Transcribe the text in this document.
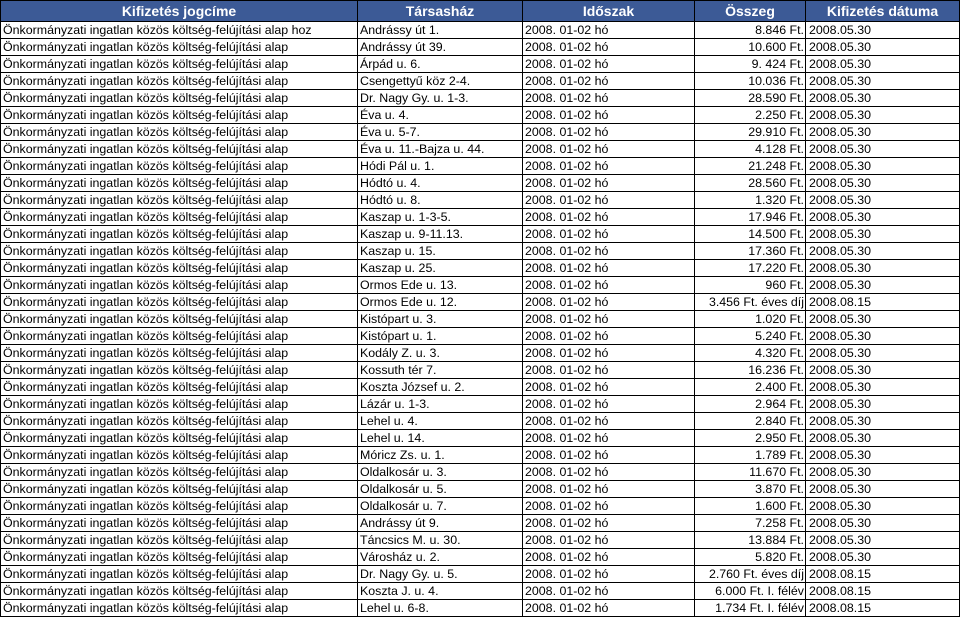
Kifizetés jogcíme	Társasház	Időszak	Összeg	Kifizetés dátuma
Önkormányzati ingatlan közös költség-felújítási alap hoz	Andrássy út 1.	2008. 01-02 hó	8.846 Ft.	2008.05.30
Önkormányzati ingatlan közös költség-felújítási alap	Andrássy út 39.	2008. 01-02 hó	10.600 Ft.	2008.05.30
Önkormányzati ingatlan közös költség-felújítási alap	Árpád u. 6.	2008. 01-02 hó	9. 424 Ft.	2008.05.30
Önkormányzati ingatlan közös költség-felújítási alap	Csengettyű köz 2-4.	2008. 01-02 hó	10.036 Ft.	2008.05.30
Önkormányzati ingatlan közös költség-felújítási alap	Dr. Nagy Gy. u. 1-3.	2008. 01-02 hó	28.590 Ft.	2008.05.30
Önkormányzati ingatlan közös költség-felújítási alap	Éva u. 4.	2008. 01-02 hó	2.250 Ft.	2008.05.30
Önkormányzati ingatlan közös költség-felújítási alap	Éva u. 5-7.	2008. 01-02 hó	29.910 Ft.	2008.05.30
Önkormányzati ingatlan közös költség-felújítási alap	Éva u. 11.-Bajza u. 44.	2008. 01-02 hó	4.128 Ft.	2008.05.30
Önkormányzati ingatlan közös költség-felújítási alap	Hódi Pál u. 1.	2008. 01-02 hó	21.248 Ft.	2008.05.30
Önkormányzati ingatlan közös költség-felújítási alap	Hódtó u. 4.	2008. 01-02 hó	28.560 Ft.	2008.05.30
Önkormányzati ingatlan közös költség-felújítási alap	Hódtó u. 8.	2008. 01-02 hó	1.320 Ft.	2008.05.30
Önkormányzati ingatlan közös költség-felújítási alap	Kaszap u. 1-3-5.	2008. 01-02 hó	17.946 Ft.	2008.05.30
Önkormányzati ingatlan közös költség-felújítási alap	Kaszap u. 9-11.13.	2008. 01-02 hó	14.500 Ft.	2008.05.30
Önkormányzati ingatlan közös költség-felújítási alap	Kaszap u. 15.	2008. 01-02 hó	17.360 Ft.	2008.05.30
Önkormányzati ingatlan közös költség-felújítási alap	Kaszap u. 25.	2008. 01-02 hó	17.220 Ft.	2008.05.30
Önkormányzati ingatlan közös költség-felújítási alap	Ormos Ede u. 13.	2008. 01-02 hó	960 Ft.	2008.05.30
Önkormányzati ingatlan közös költség-felújítási alap	Ormos Ede u. 12.	2008. 01-02 hó	3.456 Ft. éves díj	2008.08.15
Önkormányzati ingatlan közös költség-felújítási alap	Kistópart u. 3.	2008. 01-02 hó	1.020 Ft.	2008.05.30
Önkormányzati ingatlan közös költség-felújítási alap	Kistópart u. 1.	2008. 01-02 hó	5.240 Ft.	2008.05.30
Önkormányzati ingatlan közös költség-felújítási alap	Kodály Z. u. 3.	2008. 01-02 hó	4.320 Ft.	2008.05.30
Önkormányzati ingatlan közös költség-felújítási alap	Kossuth tér 7.	2008. 01-02 hó	16.236 Ft.	2008.05.30
Önkormányzati ingatlan közös költség-felújítási alap	Koszta József u. 2.	2008. 01-02 hó	2.400 Ft.	2008.05.30
Önkormányzati ingatlan közös költség-felújítási alap	Lázár u. 1-3.	2008. 01-02 hó	2.964 Ft.	2008.05.30
Önkormányzati ingatlan közös költség-felújítási alap	Lehel u. 4.	2008. 01-02 hó	2.840 Ft.	2008.05.30
Önkormányzati ingatlan közös költség-felújítási alap	Lehel u. 14.	2008. 01-02 hó	2.950 Ft.	2008.05.30
Önkormányzati ingatlan közös költség-felújítási alap	Móricz Zs. u. 1.	2008. 01-02 hó	1.789 Ft.	2008.05.30
Önkormányzati ingatlan közös költség-felújítási alap	Oldalkosár u. 3.	2008. 01-02 hó	11.670 Ft.	2008.05.30
Önkormányzati ingatlan közös költség-felújítási alap	Oldalkosár u. 5.	2008. 01-02 hó	3.870 Ft.	2008.05.30
Önkormányzati ingatlan közös költség-felújítási alap	Oldalkosár u. 7.	2008. 01-02 hó	1.600 Ft.	2008.05.30
Önkormányzati ingatlan közös költség-felújítási alap	Andrássy út 9.	2008. 01-02 hó	7.258 Ft.	2008.05.30
Önkormányzati ingatlan közös költség-felújítási alap	Táncsics M. u. 30.	2008. 01-02 hó	13.884 Ft.	2008.05.30
Önkormányzati ingatlan közös költség-felújítási alap	Városház u. 2.	2008. 01-02 hó	5.820 Ft.	2008.05.30
Önkormányzati ingatlan közös költség-felújítási alap	Dr. Nagy Gy. u. 5.	2008. 01-02 hó	2.760 Ft. éves díj	2008.08.15
Önkormányzati ingatlan közös költség-felújítási alap	Koszta J. u. 4.	2008. 01-02 hó	6.000 Ft. I. félév	2008.08.15
Önkormányzati ingatlan közös költség-felújítási alap	Lehel u. 6-8.	2008. 01-02 hó	1.734 Ft. I. félév	2008.08.15
